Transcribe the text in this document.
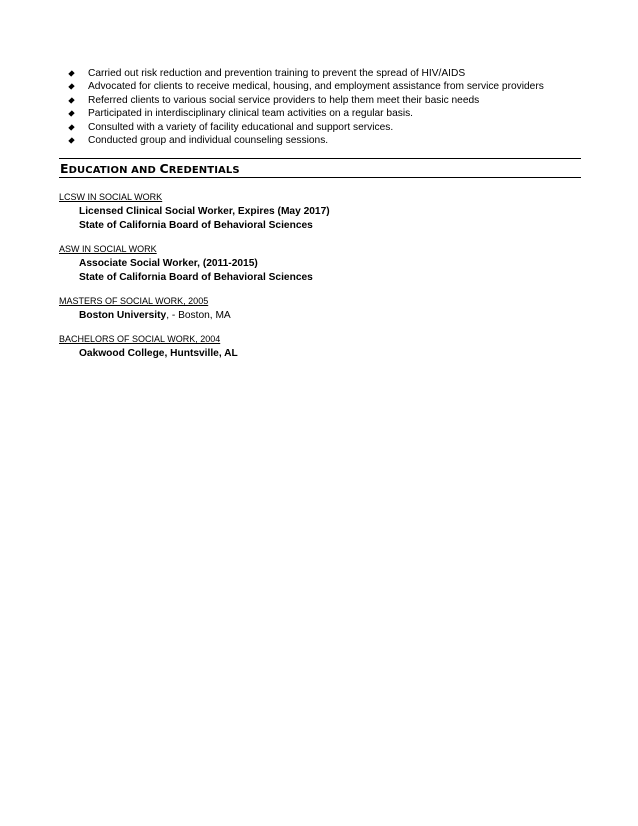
Carried out risk reduction and prevention training to prevent the spread of HIV/AIDS
Advocated for clients to receive medical, housing, and employment assistance from service providers
Referred clients to various social service providers to help them meet their basic needs
Participated in interdisciplinary clinical team activities on a regular basis.
Consulted with a variety of facility educational and support services.
Conducted group and individual counseling sessions.
EDUCATION AND CREDENTIALS
LCSW IN SOCIAL WORK
Licensed Clinical Social Worker, Expires (May 2017)
State of California Board of Behavioral Sciences
ASW IN SOCIAL WORK
Associate Social Worker, (2011-2015)
State of California Board of Behavioral Sciences
MASTERS OF SOCIAL WORK, 2005
Boston University, - Boston, MA
BACHELORS OF SOCIAL WORK, 2004
Oakwood College, Huntsville, AL
